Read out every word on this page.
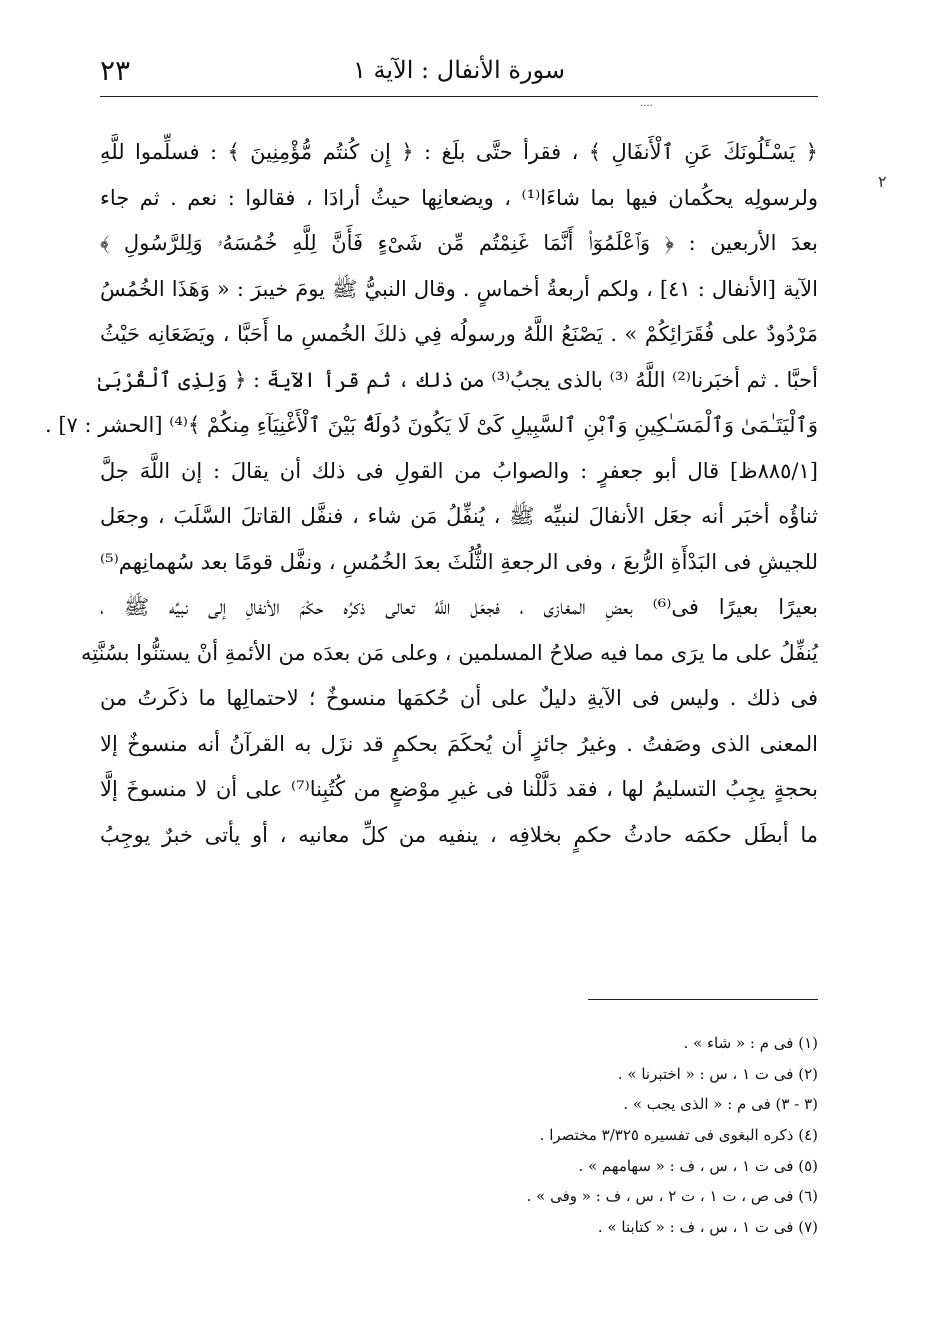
٢٣	سورة الأنفال : الآية ١
....
٢
﴿ يَسْـَٔلُونَكَ عَنِ ٱلْأَنفَالِ ﴾ ، فقرأ حتَّى بلَغ : ﴿ إِن كُنتُم مُّؤْمِنِينَ ﴾ : فسلِّموا للَّهِ
ولرسولِه يحكُمان فيها بما شاءَا⁽¹⁾ ، ويضعانِها حيثُ أرادَا ، فقالوا : نعم . ثم جاء
بعدَ الأربعين : ﴿ وَٱعْلَمُوٓا۟ أَنَّمَا غَنِمْتُم مِّن شَىْءٍ فَأَنَّ لِلَّهِ خُمُسَهُۥ وَلِلرَّسُولِ ﴾
الآية [الأنفال : ٤١] ، ولكم أربعةُ أخماسٍ . وقال النبيُّ ﷺ يومَ خيبرَ : « وَهَذَا الخُمُسُ
مَرْدُودٌ على فُقَرَائِكُمْ » . يَصْنَعُ اللَّهُ ورسولُه فِي ذلكَ الخُمسِ ما أَحَبَّا ، ويَضَعَانِه حَيْثُ
أحبَّا . ثم أخبَرنا⁽²⁾ اللَّهُ ⁽³⁾ بالذى يجبُ⁽³⁾ من ذلك ، ثم قرأ الآيةَ : ﴿ وَلِذِى ٱلْقُرْبَىٰ
وَٱلْيَتَـٰمَىٰ وَٱلْمَسَـٰكِينِ وَٱبْنِ ٱلسَّبِيلِ كَىْ لَا يَكُونَ دُولَةًۢ بَيْنَ ٱلْأَغْنِيَآءِ مِنكُمْ ﴾⁽⁴⁾ [الحشر : ٧] .
[٨٨٥/١ظ] قال أبو جعفرٍ : والصوابُ من القولِ فى ذلك أن يقالَ : إن اللَّهَ جلَّ
ثناؤُه أخبَر أنه جعَل الأنفالَ لنبيِّه ﷺ ، يُنفِّلُ مَن شاء ، فنفَّل القاتلَ السَّلَبَ ، وجعَل
للجيشِ فى البَدْأَةِ الرُّبعَ ، وفى الرجعةِ الثُّلُثَ بعدَ الخُمُسِ ، ونفَّل قومًا بعد سُهمانِهم⁽⁵⁾
بعيرًا بعيرًا فى⁽⁶⁾ بعضِ المغازى ، فجعَل اللَّهُ تعالى ذكرُه حكْمَ الأنفالِ إلى نبيِّه ﷺ ،
يُنفِّلُ على ما يرَى مما فيه صلاحُ المسلمين ، وعلى مَن بعدَه من الأئمةِ أنْ يستنُّوا بسُنَّتِه
فى ذلك . وليس فى الآيةِ دليلٌ على أن حُكمَها منسوخٌ ؛ لاحتمالِها ما ذكَرتُ من
المعنى الذى وصَفتُ . وغيرُ جائزٍ أن يُحكَمَ بحكمٍ قد نزَل به القرآنُ أنه منسوخٌ إلا
بحجةٍ يجِبُ التسليمُ لها ، فقد دَلَّلْنا فى غيرِ موْضعٍ من كُتُبِنا⁽⁷⁾ على أن لا منسوخَ إلَّا
ما أبطَل حكمَه حادثُ حكمٍ بخلافِه ، ينفيه من كلِّ معانيه ، أو يأتى خبرٌ يوجِبُ
(١) فى م : « شاء » .
(٢) فى ت ١ ، س : « اختبرنا » .
(٣ - ٣) فى م : « الذى يجب » .
(٤) ذكره البغوى فى تفسيره ٣/٣٢٥ مختصرا .
(٥) فى ت ١ ، س ، ف : « سهامهم » .
(٦) فى ص ، ت ١ ، ت ٢ ، س ، ف : « وفى » .
(٧) فى ت ١ ، س ، ف : « كتابنا » .
